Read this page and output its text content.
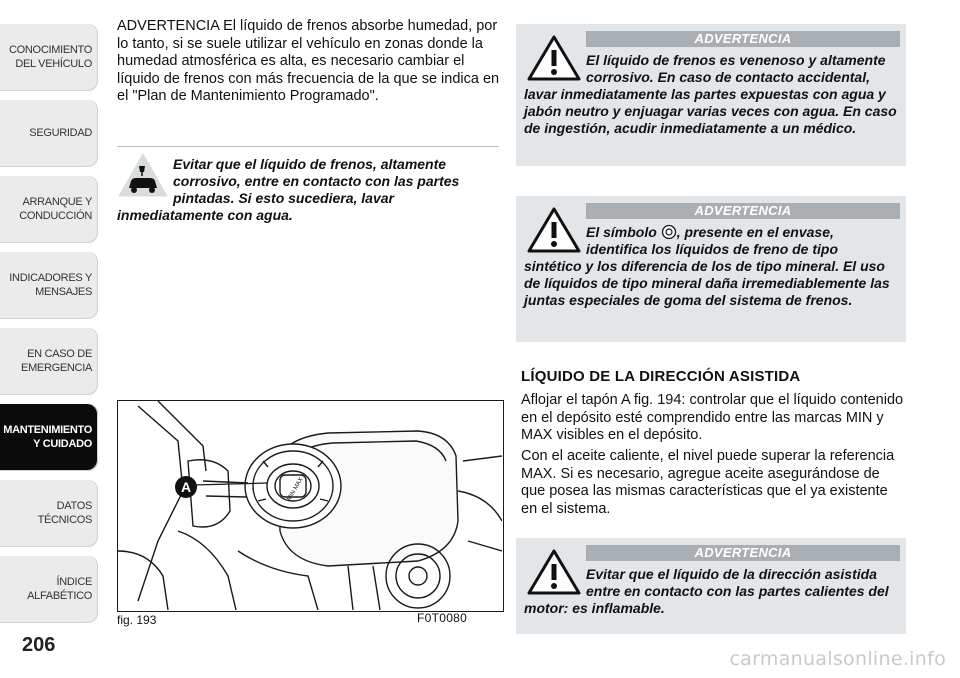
CONOCIMIENTO
DEL VEHÍCULO
SEGURIDAD
ARRANQUE Y
CONDUCCIÓN
INDICADORES Y
MENSAJES
EN CASO DE
EMERGENCIA
MANTENIMIENTO
Y CUIDADO
DATOS TÉCNICOS
ÍNDICE ALFABÉTICO
206

ADVERTENCIA El líquido de frenos absorbe humedad, por lo tanto, si se suele utilizar el vehículo en zonas donde la humedad atmosférica es alta, es necesario cambiar el líquido de frenos con más frecuencia de la que se indica en el "Plan de Mantenimiento Programado".

Evitar que el líquido de frenos, altamente corrosivo, entre en contacto con las partes pintadas. Si esto sucediera, lavar inmediatamente con agua.

MIN MAX
A
fig. 193	F0T0080
ADVERTENCIA

El líquido de frenos es venenoso y altamente corrosivo. En caso de contacto accidental, lavar inmediatamente las partes expuestas con agua y jabón neutro y enjuagar varias veces con agua. En caso de ingestión, acudir inmediatamente a un médico.

ADVERTENCIA

El símbolo , presente en el envase, identifica los líquidos de freno de tipo sintético y los diferencia de los de tipo mineral. El uso de líquidos de tipo mineral daña irremediablemente las juntas especiales de goma del sistema de frenos.

LÍQUIDO DE LA DIRECCIÓN ASISTIDA

Aflojar el tapón A fig. 194: controlar que el líquido contenido en el depósito esté comprendido entre las marcas MIN y MAX visibles en el depósito.

Con el aceite caliente, el nivel puede superar la referencia MAX. Si es necesario, agregue aceite asegurándose de que posea las mismas características que el ya existente en el sistema.

ADVERTENCIA

Evitar que el líquido de la dirección asistida entre en contacto con las partes calientes del motor: es inflamable.

carmanualsonline.info
